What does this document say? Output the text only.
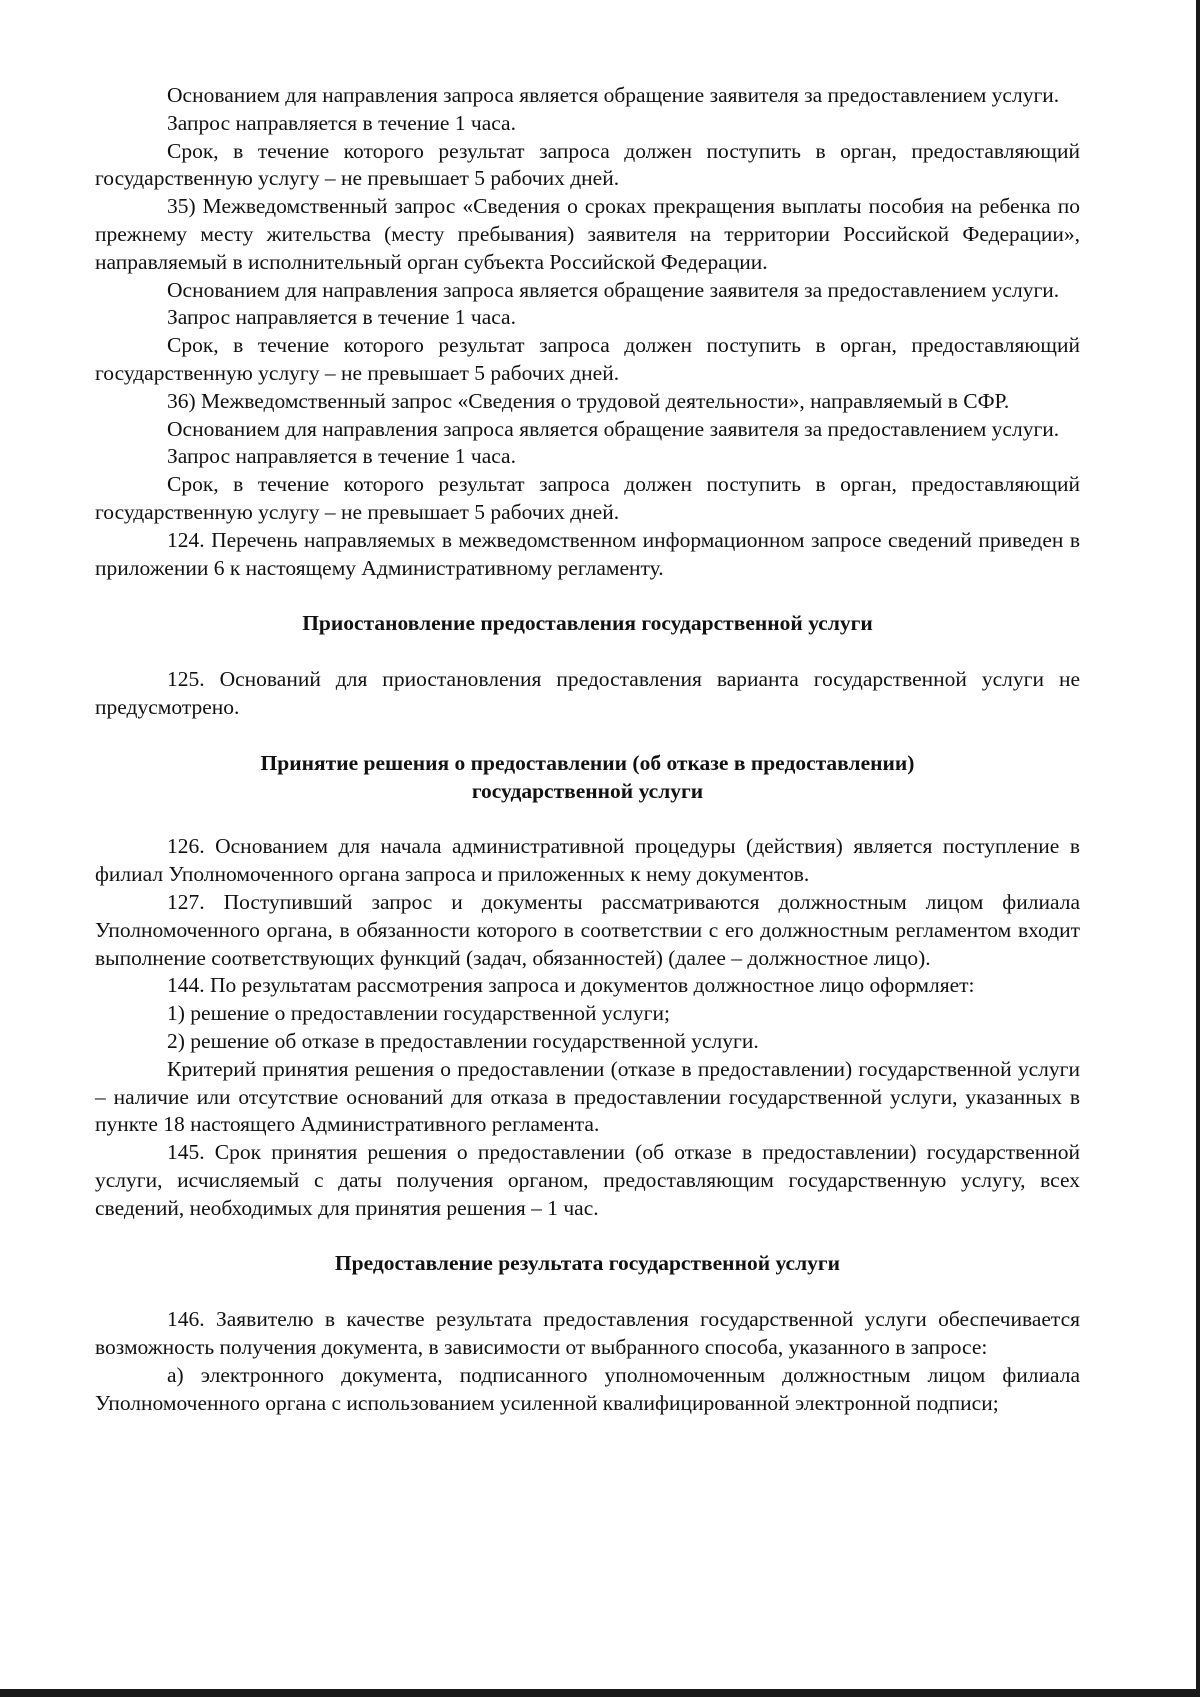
Основанием для направления запроса является обращение заявителя за предоставлением услуги.

Запрос направляется в течение 1 часа.

Срок, в течение которого результат запроса должен поступить в орган, предоставляющий государственную услугу – не превышает 5 рабочих дней.

35) Межведомственный запрос «Сведения о сроках прекращения выплаты пособия на ребенка по прежнему месту жительства (месту пребывания) заявителя на территории Российской Федерации», направляемый в исполнительный орган субъекта Российской Федерации.

Основанием для направления запроса является обращение заявителя за предоставлением услуги.

Запрос направляется в течение 1 часа.

Срок, в течение которого результат запроса должен поступить в орган, предоставляющий государственную услугу – не превышает 5 рабочих дней.

36) Межведомственный запрос «Сведения о трудовой деятельности», направляемый в СФР.

Основанием для направления запроса является обращение заявителя за предоставлением услуги.

Запрос направляется в течение 1 часа.

Срок, в течение которого результат запроса должен поступить в орган, предоставляющий государственную услугу – не превышает 5 рабочих дней.

124. Перечень направляемых в межведомственном информационном запросе сведений приведен в приложении 6 к настоящему Административному регламенту.

Приостановление предоставления государственной услуги

125. Оснований для приостановления предоставления варианта государственной услуги не предусмотрено.

Принятие решения о предоставлении (об отказе в предоставлении)
государственной услуги

126. Основанием для начала административной процедуры (действия) является поступление в филиал Уполномоченного органа запроса и приложенных к нему документов.

127. Поступивший запрос и документы рассматриваются должностным лицом филиала Уполномоченного органа, в обязанности которого в соответствии с его должностным регламентом входит выполнение соответствующих функций (задач, обязанностей) (далее – должностное лицо).

144. По результатам рассмотрения запроса и документов должностное лицо оформляет:

1) решение о предоставлении государственной услуги;

2) решение об отказе в предоставлении государственной услуги.

Критерий принятия решения о предоставлении (отказе в предоставлении) государственной услуги – наличие или отсутствие оснований для отказа в предоставлении государственной услуги, указанных в пункте 18 настоящего Административного регламента.

145. Срок принятия решения о предоставлении (об отказе в предоставлении) государственной услуги, исчисляемый с даты получения органом, предоставляющим государственную услугу, всех сведений, необходимых для принятия решения – 1 час.

Предоставление результата государственной услуги

146. Заявителю в качестве результата предоставления государственной услуги обеспечивается возможность получения документа, в зависимости от выбранного способа, указанного в запросе:

а) электронного документа, подписанного уполномоченным должностным лицом филиала Уполномоченного органа с использованием усиленной квалифицированной электронной подписи;
